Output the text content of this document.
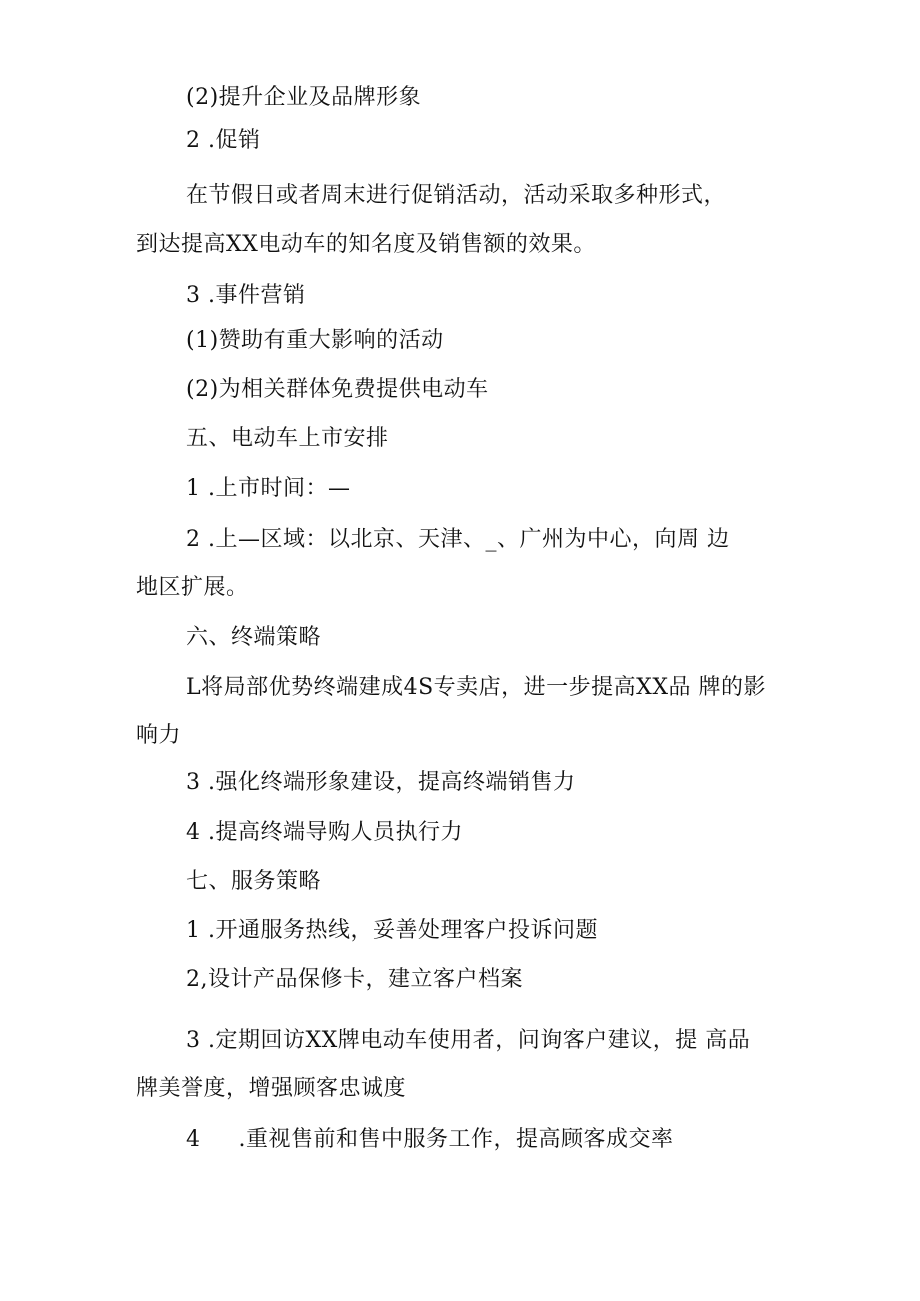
(2)提升企业及品牌形象
2 .促销
在节假日或者周末进行促销活动，活动采取多种形式，
到达提高XX电动车的知名度及销售额的效果。
3 .事件营销
(1)赞助有重大影响的活动
(2)为相关群体免费提供电动车
五、电动车上市安排
1 .上市时间：—
2 .上—区域：以北京、天津、_、广州为中心，向周 边
地区扩展。
六、终端策略
L将局部优势终端建成4S专卖店，进一步提高XX品 牌的影
响力
3 .强化终端形象建设，提高终端销售力
4 .提高终端导购人员执行力
七、服务策略
1 .开通服务热线，妥善处理客户投诉问题
2,设计产品保修卡，建立客户档案
3 .定期回访XX牌电动车使用者，问询客户建议，提 高品
牌美誉度，增强顾客忠诚度
4 .重视售前和售中服务工作，提高顾客成交率
